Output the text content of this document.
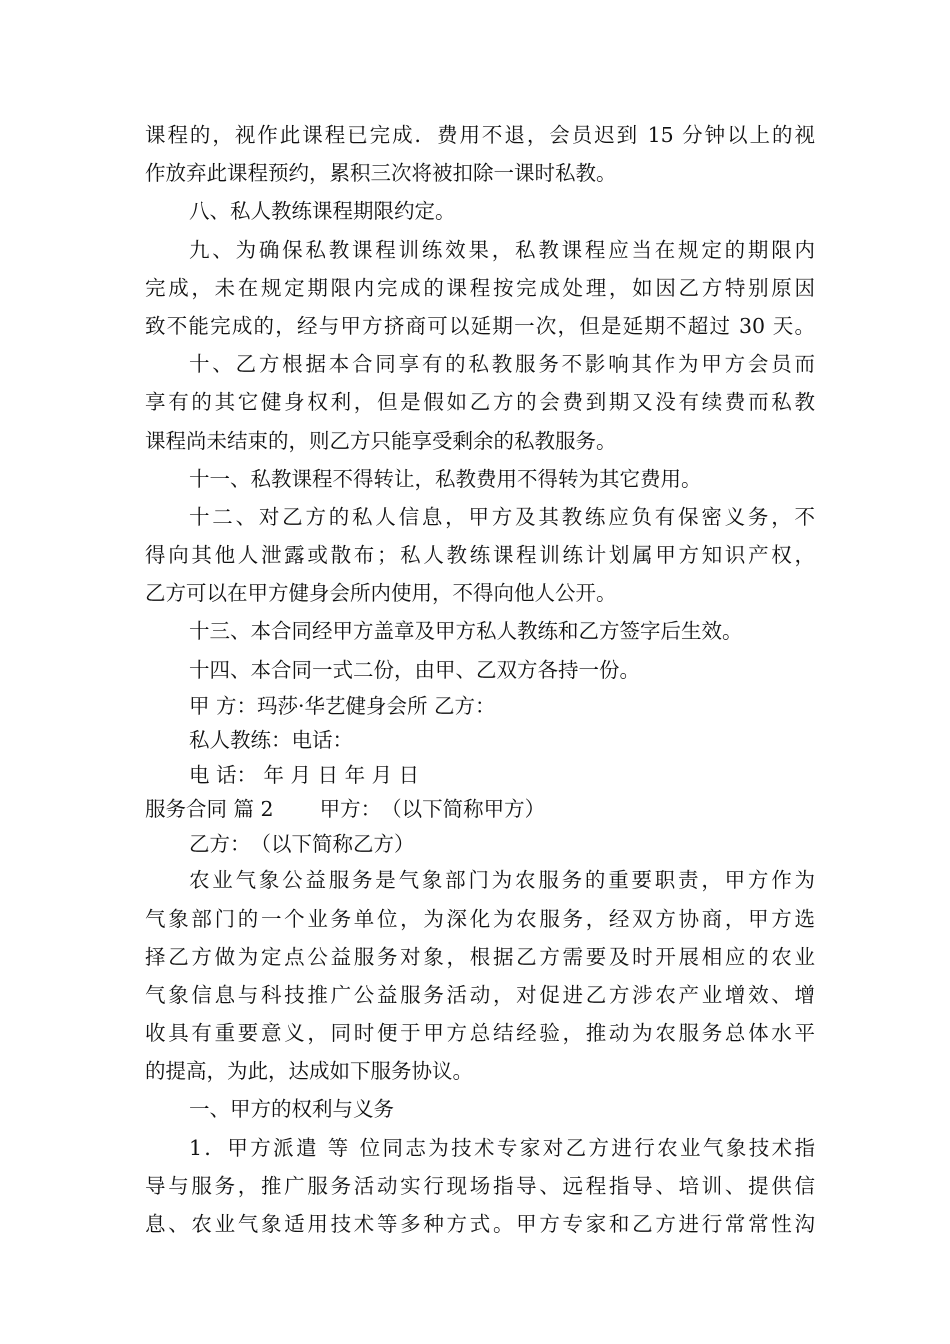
课程的，视作此课程已完成．费用不退，会员迟到 15 分钟以上的视
作放弃此课程预约，累积三次将被扣除一课时私教。
八、私人教练课程期限约定。
九、为确保私教课程训练效果，私教课程应当在规定的期限内
完成，未在规定期限内完成的课程按完成处理，如因乙方特别原因
致不能完成的，经与甲方挤商可以延期一次，但是延期不超过 30 天。
十、乙方根据本合同享有的私教服务不影响其作为甲方会员而
享有的其它健身权利，但是假如乙方的会费到期又没有续费而私教
课程尚未结束的，则乙方只能享受剩余的私教服务。
十一、私教课程不得转让，私教费用不得转为其它费用。
十二、对乙方的私人信息，甲方及其教练应负有保密义务，不
得向其他人泄露或散布；私人教练课程训练计划属甲方知识产权，
乙方可以在甲方健身会所内使用，不得向他人公开。
十三、本合同经甲方盖章及甲方私人教练和乙方签字后生效。
十四、本合同一式二份，由甲、乙双方各持一份。
甲 方：玛莎·华艺健身会所 乙方：
私人教练：电话：
电 话： 年 月 日 年 月 日
服务合同 篇 2 甲方：　（以下简称甲方）
乙方：　（以下简称乙方）
农业气象公益服务是气象部门为农服务的重要职责，甲方作为
气象部门的一个业务单位，为深化为农服务，经双方协商，甲方选
择乙方做为定点公益服务对象，根据乙方需要及时开展相应的农业
气象信息与科技推广公益服务活动，对促进乙方涉农产业增效、增
收具有重要意义，同时便于甲方总结经验，推动为农服务总体水平
的提高，为此，达成如下服务协议。
一、甲方的权利与义务
1．甲方派遣 等 位同志为技术专家对乙方进行农业气象技术指
导与服务，推广服务活动实行现场指导、远程指导、培训、提供信
息、农业气象适用技术等多种方式。甲方专家和乙方进行常常性沟
